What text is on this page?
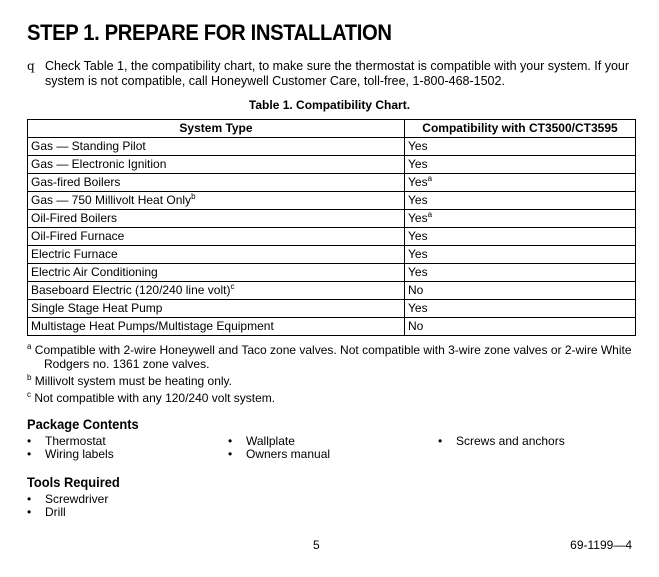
STEP 1. PREPARE FOR INSTALLATION
q Check Table 1, the compatibility chart, to make sure the thermostat is compatible with your system. If your system is not compatible, call Honeywell Customer Care, toll-free, 1-800-468-1502.
Table 1. Compatibility Chart.
System Type	Compatibility with CT3500/CT3595
Gas — Standing Pilot	Yes
Gas — Electronic Ignition	Yes
Gas-fired Boilers	Yes$^a$
Gas — 750 Millivolt Heat Only$^b$	Yes
Oil-Fired Boilers	Yes$^a$
Oil-Fired Furnace	Yes
Electric Furnace	Yes
Electric Air Conditioning	Yes
Baseboard Electric (120/240 line volt)$^c$	No
Single Stage Heat Pump	Yes
Multistage Heat Pumps/Multistage Equipment	No
$^a$ Compatible with 2-wire Honeywell and Taco zone valves. Not compatible with 3-wire zone valves or 2-wire White
Rodgers no. 1361 zone valves.
$^b$ Millivolt system must be heating only.
$^c$ Not compatible with any 120/240 volt system.
Package Contents
• Thermostat
• Wiring labels
• Wallplate
• Owners manual
• Screws and anchors
Tools Required
• Screwdriver
• Drill
5	69-1199—4
